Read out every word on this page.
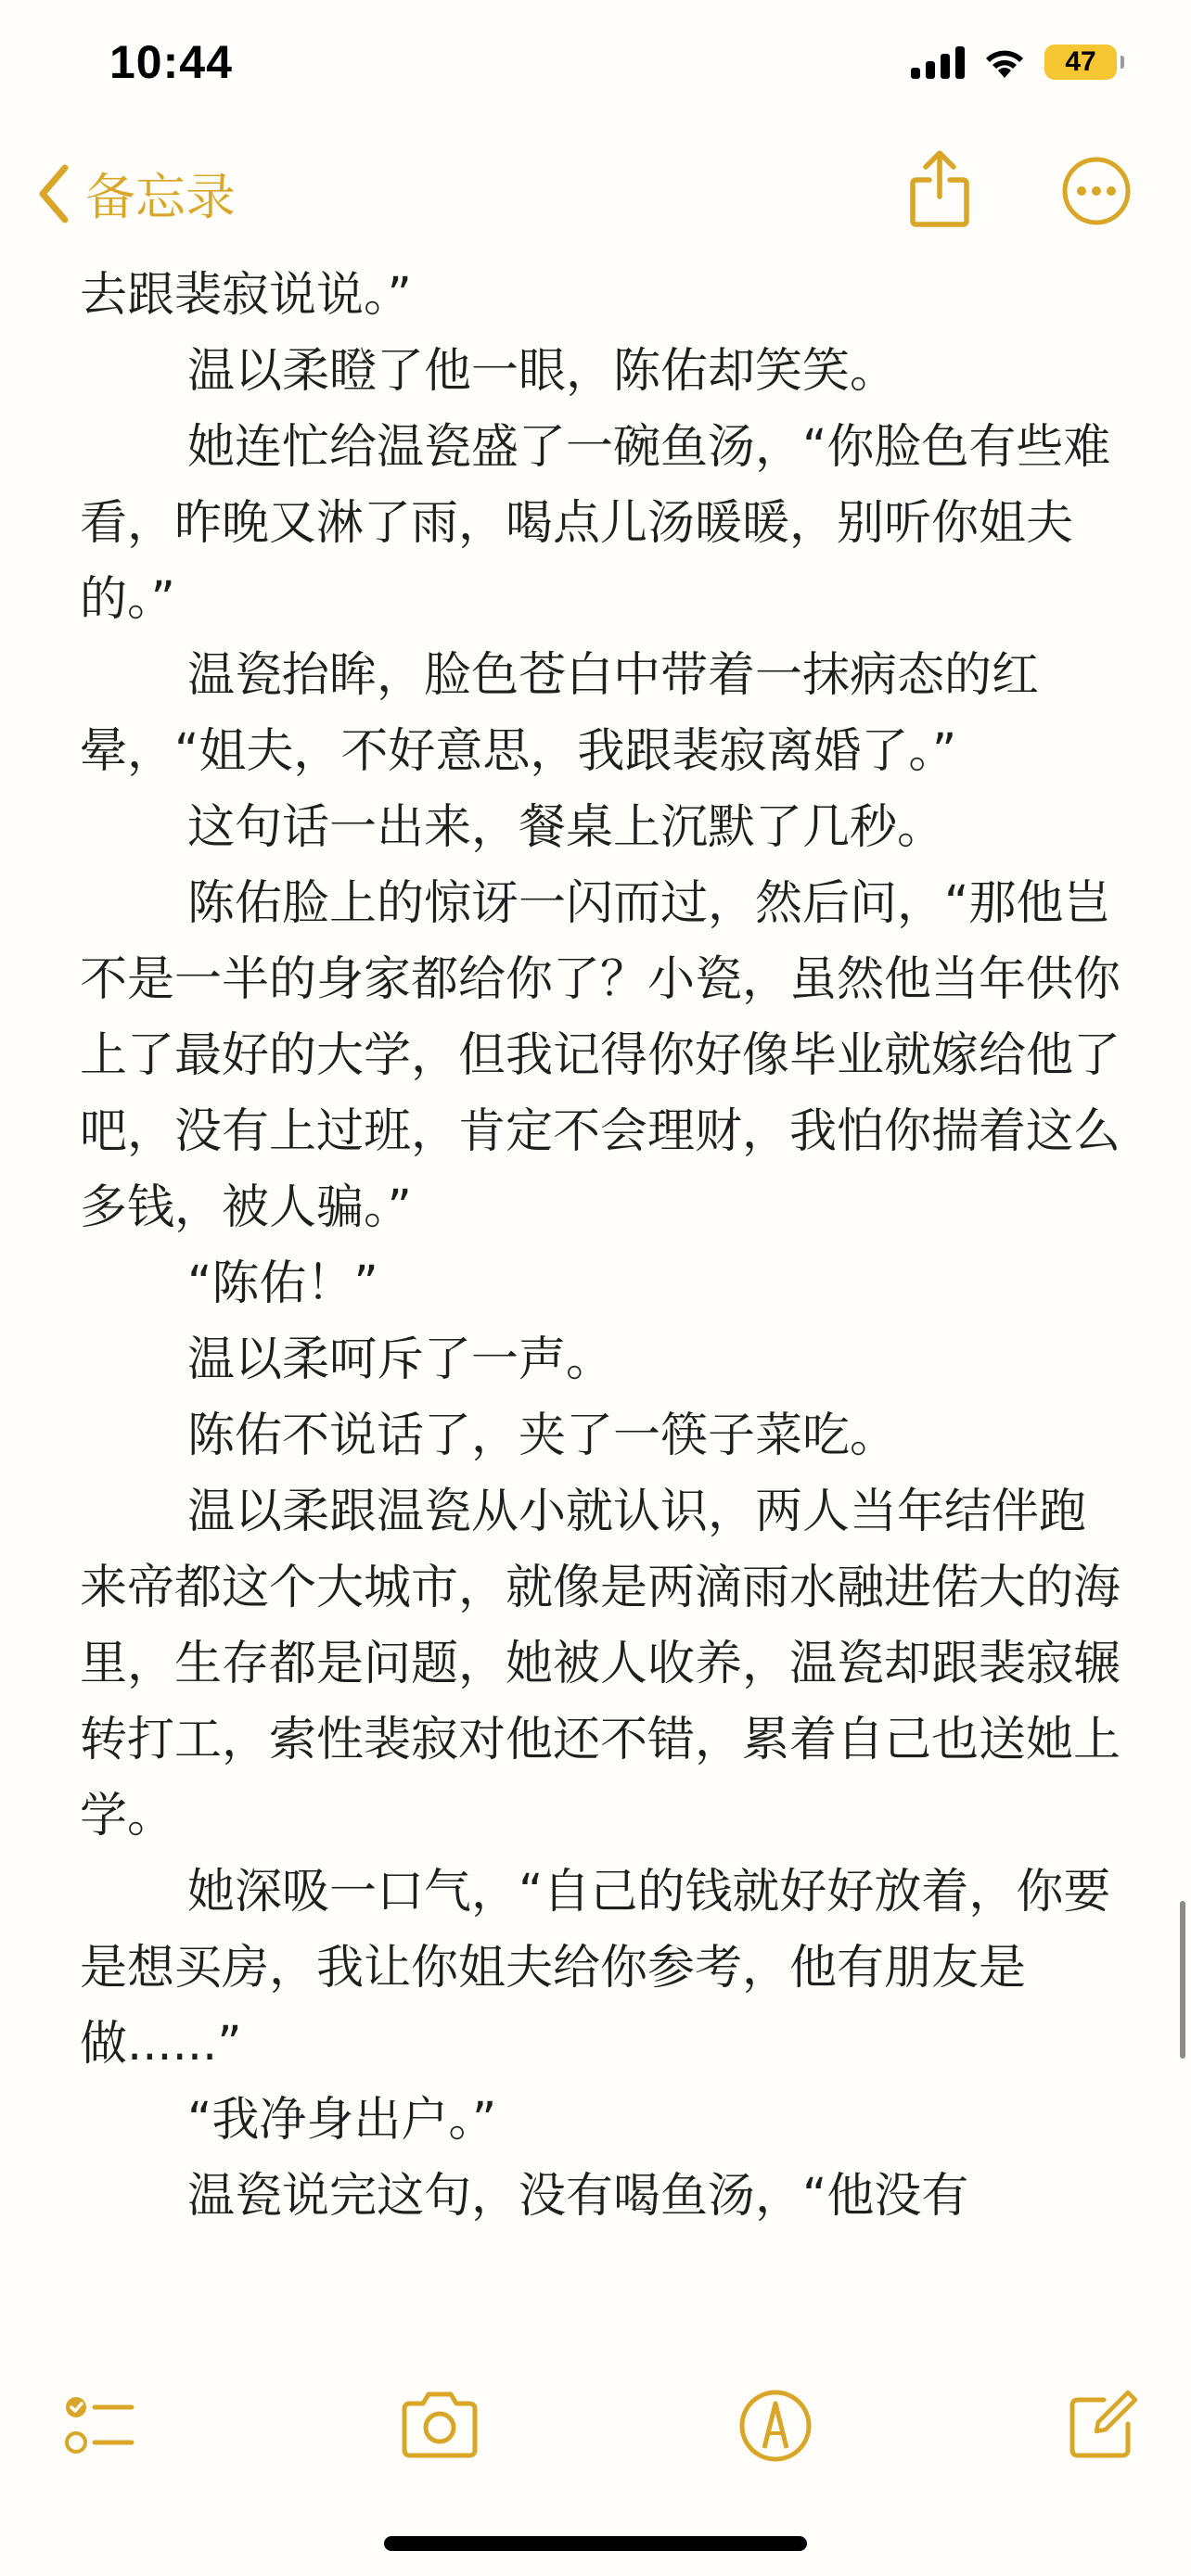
10:44	47
备忘录

去跟裴寂说说。”

温以柔瞪了他一眼，陈佑却笑笑。

她连忙给温瓷盛了一碗鱼汤，“你脸色有些难看，昨晚又淋了雨，喝点儿汤暖暖，别听你姐夫的。”

温瓷抬眸，脸色苍白中带着一抹病态的红晕，“姐夫，不好意思，我跟裴寂离婚了。”

这句话一出来，餐桌上沉默了几秒。

陈佑脸上的惊讶一闪而过，然后问，“那他岂不是一半的身家都给你了？小瓷，虽然他当年供你上了最好的大学，但我记得你好像毕业就嫁给他了吧，没有上过班，肯定不会理财，我怕你揣着这么多钱，被人骗。”

“陈佑！”

温以柔呵斥了一声。

陈佑不说话了，夹了一筷子菜吃。

温以柔跟温瓷从小就认识，两人当年结伴跑来帝都这个大城市，就像是两滴雨水融进偌大的海里，生存都是问题，她被人收养，温瓷却跟裴寂辗转打工，索性裴寂对他还不错，累着自己也送她上学。

她深吸一口气，“自己的钱就好好放着，你要是想买房，我让你姐夫给你参考，他有朋友是做......”

“我净身出户。”

温瓷说完这句，没有喝鱼汤，“他没有
